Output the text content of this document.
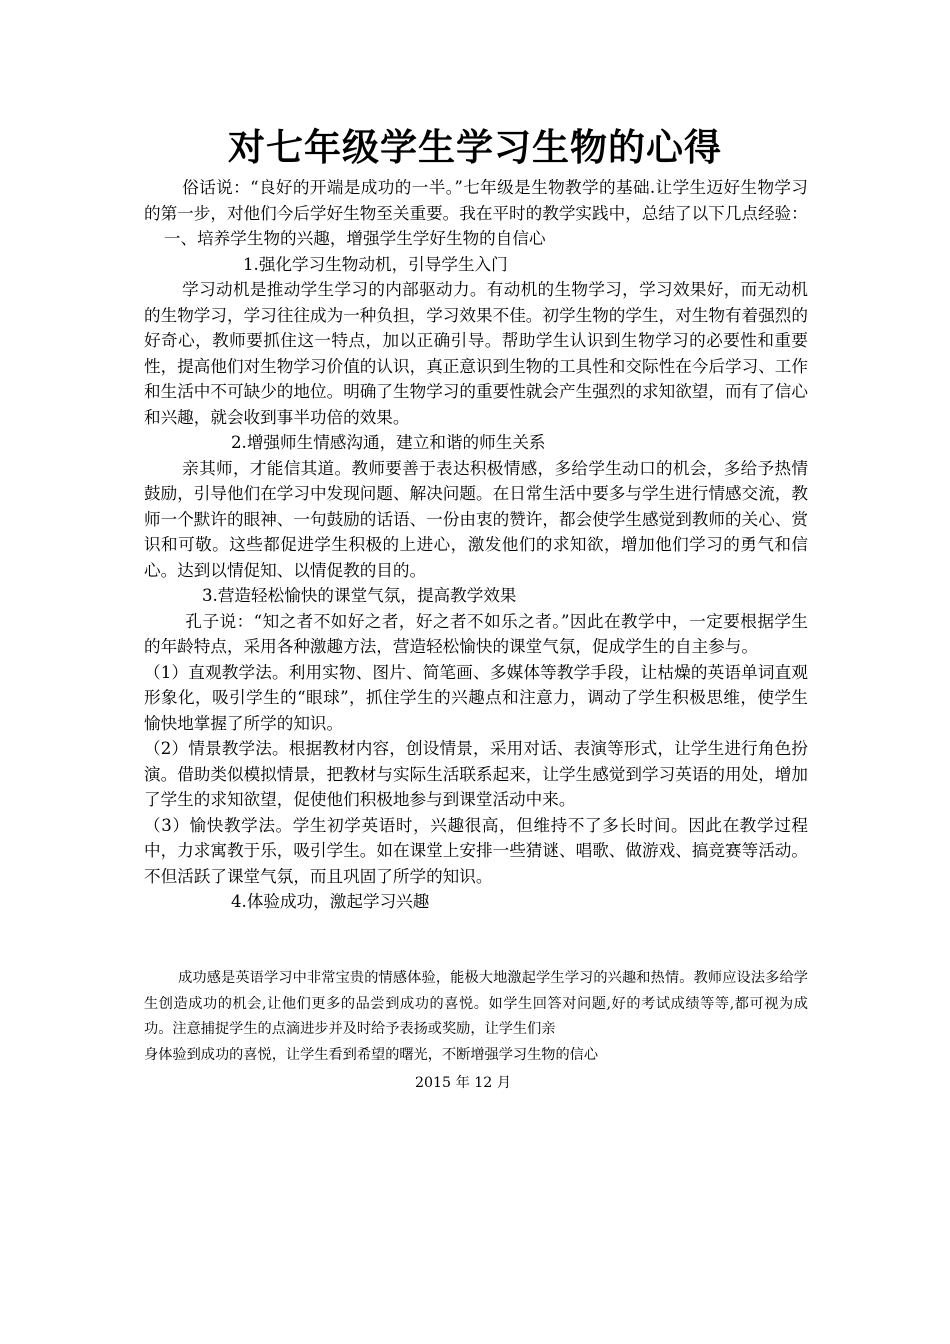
对七年级学生学习生物的心得

俗话说：“良好的开端是成功的一半。”七年级是生物教学的基础.让学生迈好生物学习的第一步，对他们今后学好生物至关重要。我在平时的教学实践中，总结了以下几点经验：

一、培养学生物的兴趣，增强学生学好生物的自信心

1.强化学习生物动机，引导学生入门

学习动机是推动学生学习的内部驱动力。有动机的生物学习，学习效果好，而无动机的生物学习，学习往往成为一种负担，学习效果不佳。初学生物的学生，对生物有着强烈的好奇心，教师要抓住这一特点，加以正确引导。帮助学生认识到生物学习的必要性和重要性，提高他们对生物学习价值的认识，真正意识到生物的工具性和交际性在今后学习、工作和生活中不可缺少的地位。明确了生物学习的重要性就会产生强烈的求知欲望，而有了信心和兴趣，就会收到事半功倍的效果。

2.增强师生情感沟通，建立和谐的师生关系

亲其师，才能信其道。教师要善于表达积极情感，多给学生动口的机会，多给予热情鼓励，引导他们在学习中发现问题、解决问题。在日常生活中要多与学生进行情感交流，教师一个默许的眼神、一句鼓励的话语、一份由衷的赞许，都会使学生感觉到教师的关心、赏识和可敬。这些都促进学生积极的上进心，激发他们的求知欲，增加他们学习的勇气和信心。达到以情促知、以情促教的目的。

3.营造轻松愉快的课堂气氛，提高教学效果

孔子说：“知之者不如好之者，好之者不如乐之者。”因此在教学中，一定要根据学生的年龄特点，采用各种激趣方法，营造轻松愉快的课堂气氛，促成学生的自主参与。

（1）直观教学法。利用实物、图片、简笔画、多媒体等教学手段，让枯燥的英语单词直观形象化，吸引学生的“眼球”，抓住学生的兴趣点和注意力，调动了学生积极思维，使学生愉快地掌握了所学的知识。

（2）情景教学法。根据教材内容，创设情景，采用对话、表演等形式，让学生进行角色扮演。借助类似模拟情景，把教材与实际生活联系起来，让学生感觉到学习英语的用处，增加了学生的求知欲望，促使他们积极地参与到课堂活动中来。

（3）愉快教学法。学生初学英语时，兴趣很高，但维持不了多长时间。因此在教学过程中，力求寓教于乐，吸引学生。如在课堂上安排一些猜谜、唱歌、做游戏、搞竞赛等活动。不但活跃了课堂气氛，而且巩固了所学的知识。

4.体验成功，激起学习兴趣

成功感是英语学习中非常宝贵的情感体验，能极大地激起学生学习的兴趣和热情。教师应设法多给学生创造成功的机会,让他们更多的品尝到成功的喜悦。如学生回答对问题,好的考试成绩等等,都可视为成功。注意捕捉学生的点滴进步并及时给予表扬或奖励，让学生们亲

身体验到成功的喜悦，让学生看到希望的曙光，不断增强学习生物的信心

2015 年 12 月
